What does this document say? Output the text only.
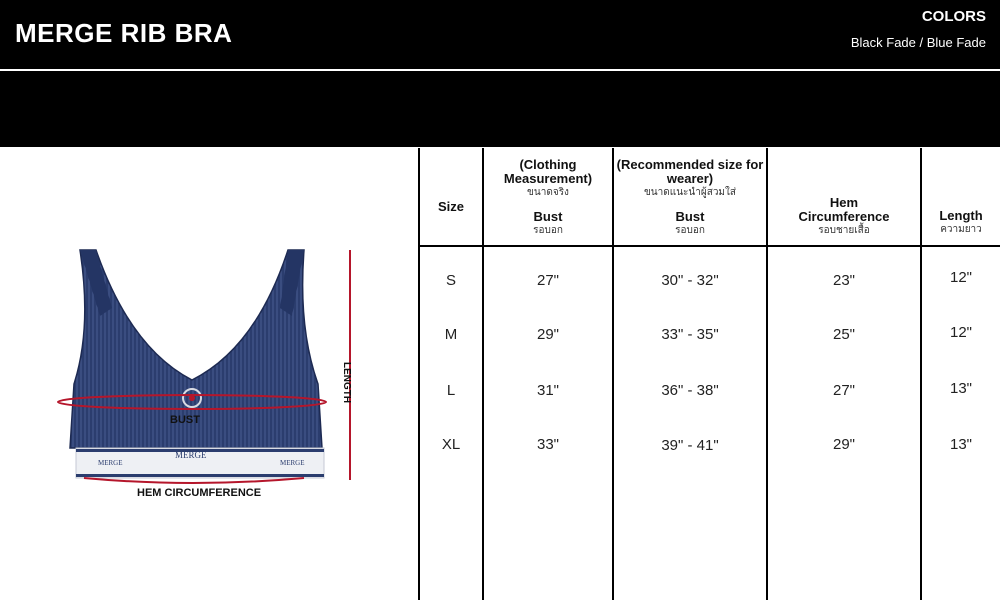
MERGE RIB BRA
COLORS
Black Fade / Blue Fade
MERGE
MERGE
MERGE
BUST
LENGTH
HEM CIRCUMFERENCE
Size
(Clothing Measurement)
ขนาดจริง
Bust
รอบอก
(Recommended size for wearer)
ขนาดแนะนำผู้สวมใส่
Bust
รอบอก
Hem Circumference
รอบชายเสื้อ
Length
ความยาว
S	27"	30" - 32"	23"	12"
M	29"	33" - 35"	25"	12"
L	31"	36" - 38"	27"	13"
XL	33"	39" - 41"	29"	13"
